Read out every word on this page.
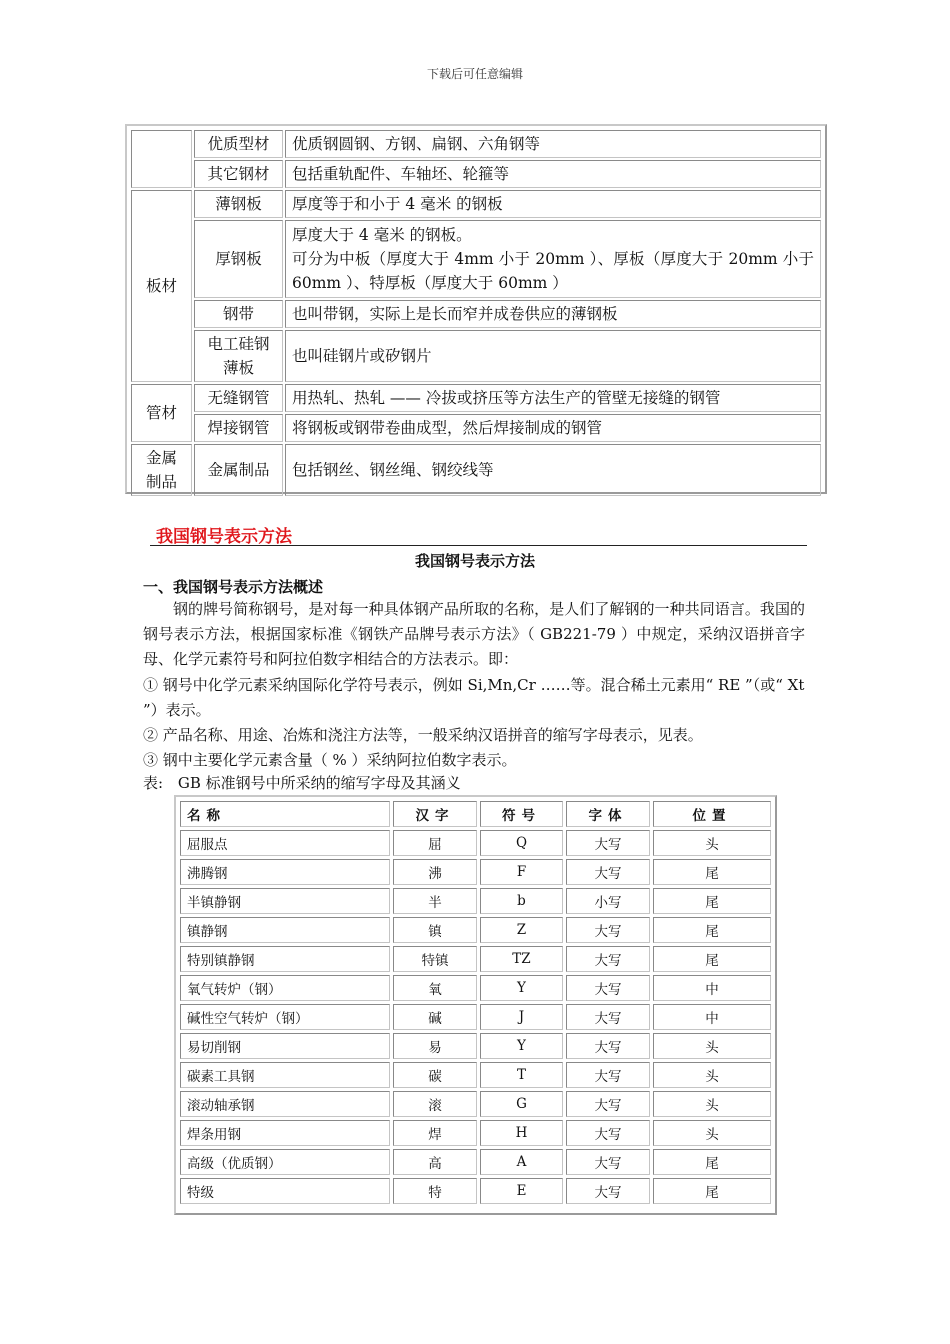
下载后可任意编辑
	优质型材	优质钢圆钢、方钢、扁钢、六角钢等
	其它钢材	包括重轨配件、车轴坯、轮箍等
板材	薄钢板	厚度等于和小于 4 毫米 的钢板
	厚钢板	厚度大于 4 毫米 的钢板。
可分为中板（厚度大于 4mm 小于 20mm ）、厚板（厚度大于 20mm 小于 60mm ）、特厚板（厚度大于 60mm ）

	钢带	也叫带钢，实际上是长而窄并成卷供应的薄钢板
	电工硅钢薄板	也叫硅钢片或矽钢片
管材	无缝钢管	用热轧、热轧 —— 冷拔或挤压等方法生产的管壁无接缝的钢管
	焊接钢管	将钢板或钢带卷曲成型，然后焊接制成的钢管
金属制品	金属制品	包括钢丝、钢丝绳、钢绞线等
我国钢号表示方法
我国钢号表示方法
一、我国钢号表示方法概述

钢的牌号简称钢号，是对每一种具体钢产品所取的名称，是人们了解钢的一种共同语言。我国的钢号表示方法，根据国家标准《钢铁产品牌号表示方法》（ GB221-79 ）中规定，采纳汉语拼音字母、化学元素符号和阿拉伯数字相结合的方法表示。即：

① 钢号中化学元素采纳国际化学符号表示，例如 Si,Mn,Cr ……等。混合稀土元素用“ RE ”（或“ Xt ”）表示。

② 产品名称、用途、冶炼和浇注方法等，一般采纳汉语拼音的缩写字母表示，见表。

③ 钢中主要化学元素含量（ % ）采纳阿拉伯数字表示。

表: GB 标准钢号中所采纳的缩写字母及其涵义
名称	汉字	符号	字体	位置
屈服点	屈	Q	大写	头
沸腾钢	沸	F	大写	尾
半镇静钢	半	b	小写	尾
镇静钢	镇	Z	大写	尾
特别镇静钢	特镇	TZ	大写	尾
氧气转炉（钢）	氧	Y	大写	中
碱性空气转炉（钢）	碱	J	大写	中
易切削钢	易	Y	大写	头
碳素工具钢	碳	T	大写	头
滚动轴承钢	滚	G	大写	头
焊条用钢	焊	H	大写	头
高级（优质钢）	高	A	大写	尾
特级	特	E	大写	尾
